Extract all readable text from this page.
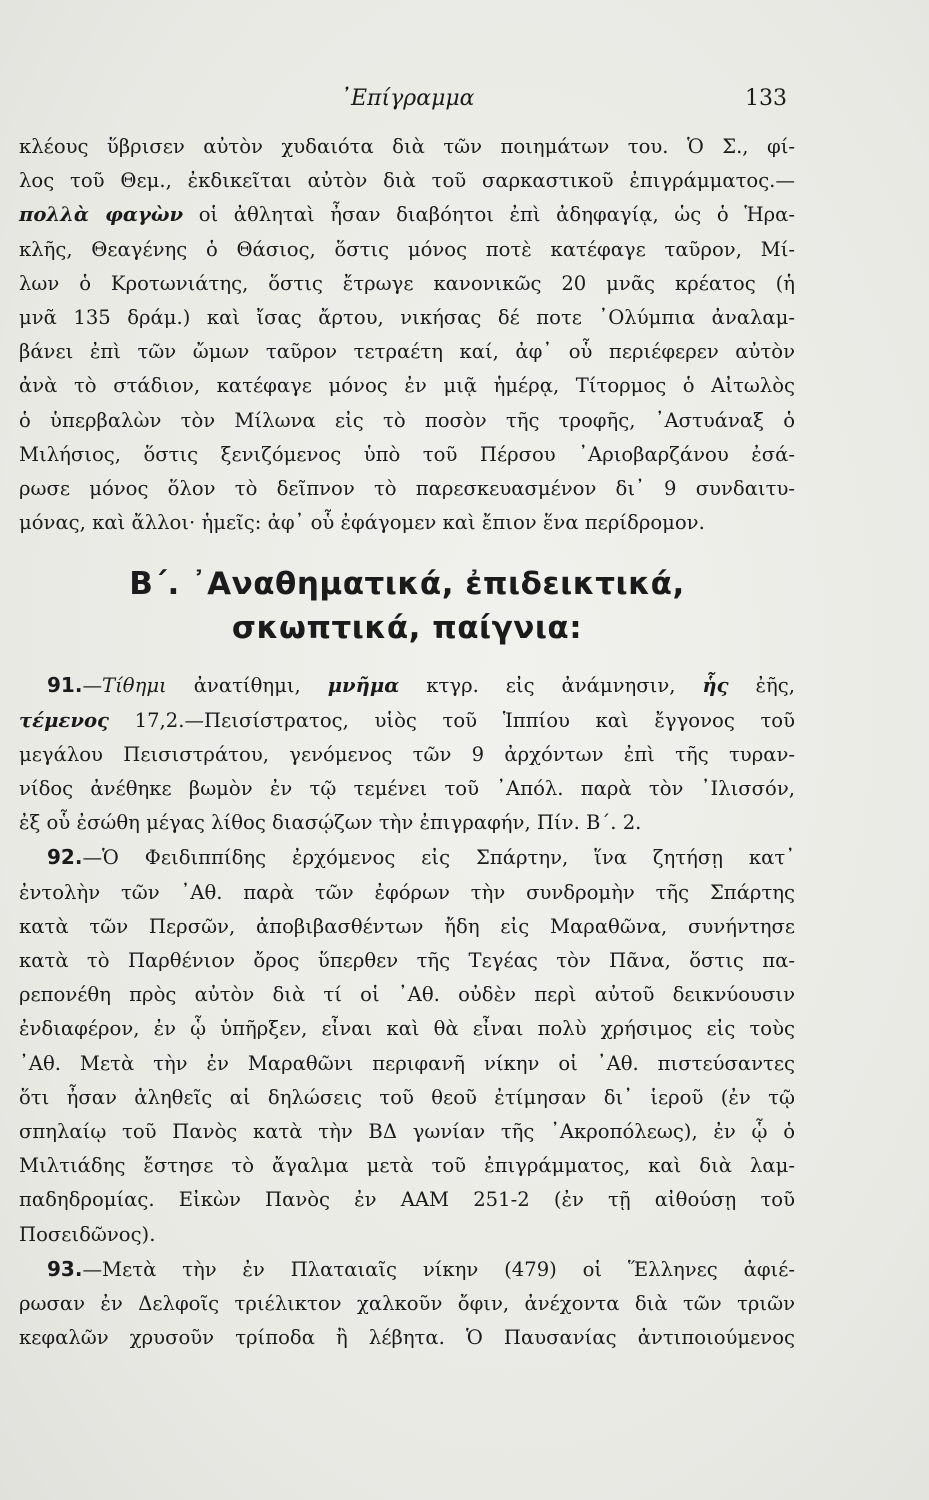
᾿Επίγραμμα	133
κλέους ὕβρισεν αὐτὸν χυδαιότα διὰ τῶν ποιημάτων του. Ὁ Σ., φί-
λος τοῦ Θεμ., ἐκδικεῖται αὐτὸν διὰ τοῦ σαρκαστικοῦ ἐπιγράμματος.—
πολλὰ φαγὼν οἱ ἀθληταὶ ἦσαν διαβόητοι ἐπὶ ἀδηφαγίᾳ, ὡς ὁ Ἡρα-
κλῆς, Θεαγένης ὁ Θάσιος, ὅστις μόνος ποτὲ κατέφαγε ταῦρον, Μί-
λων ὁ Κροτωνιάτης, ὅστις ἔτρωγε κανονικῶς 20 μνᾶς κρέατος (ἡ
μνᾶ 135 δράμ.) καὶ ἴσας ἄρτου, νικήσας δέ ποτε ᾿Ολύμπια ἀναλαμ-
βάνει ἐπὶ τῶν ὤμων ταῦρον τετραέτη καί, ἀφ᾿ οὗ περιέφερεν αὐτὸν
ἀνὰ τὸ στάδιον, κατέφαγε μόνος ἐν μιᾷ ἡμέρᾳ, Τίτορμος ὁ Αἰτωλὸς
ὁ ὑπερβαλὼν τὸν Μίλωνα εἰς τὸ ποσὸν τῆς τροφῆς, ᾿Αστυάναξ ὁ
Μιλήσιος, ὅστις ξενιζόμενος ὑπὸ τοῦ Πέρσου ᾿Αριοβαρζάνου ἐσά-
ρωσε μόνος ὅλον τὸ δεῖπνον τὸ παρεσκευασμένον δι᾿ 9 συνδαιτυ-
μόνας, καὶ ἄλλοι· ἡμεῖς: ἀφ᾿ οὗ ἐφάγομεν καὶ ἔπιον ἕνα περίδρομον.
Β΄. ᾿Αναθηματικά, ἐπιδεικτικά,
σκωπτικά, παίγνια:
91.—Τίθημι ἀνατίθημι, μνῆμα κτγρ. εἰς ἀνάμνησιν, ἧς ἐῆς,
τέμενος 17,2.—Πεισίστρατος, υἱὸς τοῦ Ἱππίου καὶ ἔγγονος τοῦ
μεγάλου Πεισιστράτου, γενόμενος τῶν 9 ἀρχόντων ἐπὶ τῆς τυραν-
νίδος ἀνέθηκε βωμὸν ἐν τῷ τεμένει τοῦ ᾿Απόλ. παρὰ τὸν ᾿Ιλισσόν,
ἐξ οὗ ἐσώθη μέγας λίθος διασῴζων τὴν ἐπιγραφήν, Πίν. Β΄. 2.
92.—Ὁ Φειδιππίδης ἐρχόμενος εἰς Σπάρτην, ἵνα ζητήσῃ κατ᾿
ἐντολὴν τῶν ᾿Αθ. παρὰ τῶν ἐφόρων τὴν συνδρομὴν τῆς Σπάρτης
κατὰ τῶν Περσῶν, ἀποβιβασθέντων ἤδη εἰς Μαραθῶνα, συνήντησε
κατὰ τὸ Παρθένιον ὄρος ὕπερθεν τῆς Τεγέας τὸν Πᾶνα, ὅστις πα-
ρεπονέθη πρὸς αὐτὸν διὰ τί οἱ ᾿Αθ. οὐδὲν περὶ αὐτοῦ δεικνύουσιν
ἐνδιαφέρον, ἐν ᾧ ὑπῆρξεν, εἶναι καὶ θὰ εἶναι πολὺ χρήσιμος εἰς τοὺς
᾿Αθ. Μετὰ τὴν ἐν Μαραθῶνι περιφανῆ νίκην οἱ ᾿Αθ. πιστεύσαντες
ὅτι ἦσαν ἀληθεῖς αἱ δηλώσεις τοῦ θεοῦ ἐτίμησαν δι᾿ ἱεροῦ (ἐν τῷ
σπηλαίῳ τοῦ Πανὸς κατὰ τὴν ΒΔ γωνίαν τῆς ᾿Ακροπόλεως), ἐν ᾧ ὁ
Μιλτιάδης ἔστησε τὸ ἄγαλμα μετὰ τοῦ ἐπιγράμματος, καὶ διὰ λαμ-
παδηδρομίας. Εἰκὼν Πανὸς ἐν ΑΑΜ 251-2 (ἐν τῇ αἰθούσῃ τοῦ
Ποσειδῶνος).
93.—Μετὰ τὴν ἐν Πλαταιαῖς νίκην (479) οἱ Ἕλληνες ἀφιέ-
ρωσαν ἐν Δελφοῖς τριέλικτον χαλκοῦν ὄφιν, ἀνέχοντα διὰ τῶν τριῶν
κεφαλῶν χρυσοῦν τρίποδα ἢ λέβητα. Ὁ Παυσανίας ἀντιποιούμενος
